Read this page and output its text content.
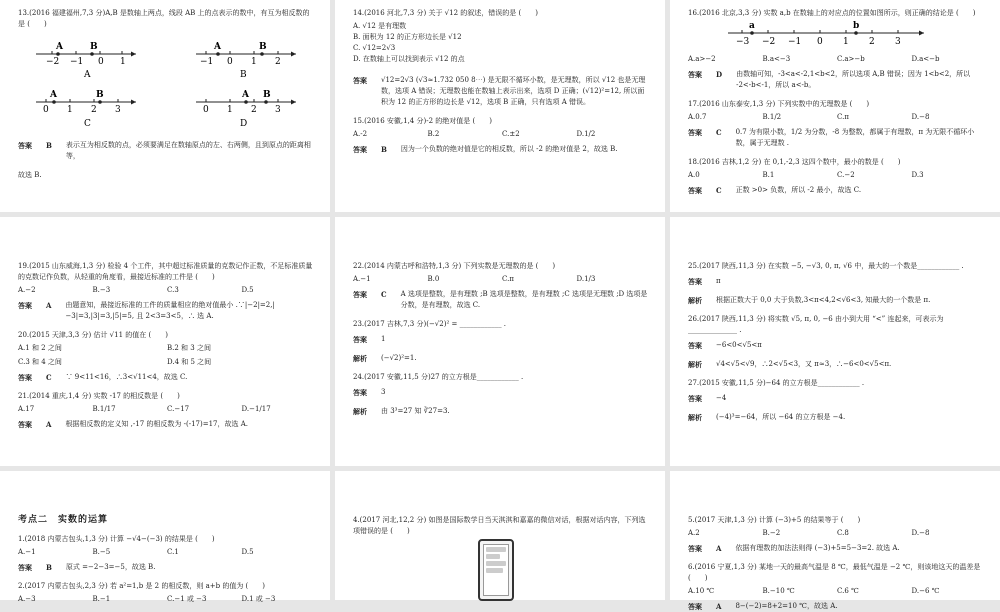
13.(2016 福建福州,7,3 分)A,B 是数轴上两点，线段 AB 上的点表示的数中，有互为相反数的是 (　　)
A	B
−2 −1 0 1
A
A	B
−1 0 1 2
B
A	B
0 1 2 3
C
A B
0 1 2 3
D
答案 B 表示互为相反数的点，必须要满足在数轴原点的左、右两侧，且到原点的距离相等，
故选 B.
14.(2016 河北,7,3 分) 关于 √12 的叙述，错误的是 (　　)
A. √12 是有理数
B. 面积为 12 的正方形边长是 √12
C. √12=2√3
D. 在数轴上可以找到表示 √12 的点
答案 √12=2√3 (√3≈1.732 050 8⋯) 是无限不循环小数，是无理数，所以 √12 也是无理数，选项 A 错误；无理数也能在数轴上表示出来，选项 D 正确；(√12)²=12, 所以面积为 12 的正方形的边长是 √12，选项 B 正确，只有选项 A 错误。
15.(2016 安徽,1,4 分)-2 的绝对值是 (　　)
A.-2	B.2	C.±2	D.1/2
答案 B 因为一个负数的绝对值是它的相反数，所以 -2 的绝对值是 2，故选 B.
16.(2016 北京,3,3 分) 实数 a,b 在数轴上的对应点的位置如图所示，则正确的结论是 (　　)
a	b
−3 −2 −1 0 1 2 3
A.a>−2	B.a<−3	C.a>−b	D.a<−b
答案 D 由数轴可知，-3<a<-2,1<b<2，所以选项 A,B 错误；因为 1<b<2，所以 -2<-b<-1，所以 a<-b。
17.(2016 山东泰安,1,3 分) 下列实数中的无理数是 (　　)
A.0.7	B.1/2	C.π	D.−8
答案 C 0.7 为有限小数，1/2 为分数，-8 为整数，都属于有理数，π 为无限不循环小数，属于无理数 .
18.(2016 吉林,1,2 分) 在 0,1,-2,3 这四个数中，最小的数是 (　　)
A.0	B.1	C.−2	D.3
答案 C 正数 >0> 负数，所以 -2 最小，故选 C.
19.(2015 山东威海,1,3 分) 检验 4 个工件，其中超过标准质量的克数记作正数，不足标准质量的克数记作负数，从轻重的角度看，最接近标准的工件是 (　　)
A.−2	B.−3	C.3	D.5
答案 A 由题意知，最接近标准的工件的质量相应的绝对值最小 .∵|−2|=2,|−3|=3,|3|=3,|5|=5, 且 2<3=3<5，∴ 选 A.
20.(2015 天津,3,3 分) 估计 √11 的值在 (　　)
A.1 和 2 之间	B.2 和 3 之间
C.3 和 4 之间	D.4 和 5 之间
答案 C ∵ 9<11<16，∴3<√11<4，故选 C.
21.(2014 重庆,1,4 分) 实数 -17 的相反数是 (　　)
A.17	B.1/17	C.−17	D.−1/17
答案 A 根据相反数的定义知 ,-17 的相反数为 -(-17)=17，故选 A.
22.(2014 内蒙古呼和浩特,1,3 分) 下列实数是无理数的是 (　　)
A.−1	B.0	C.π	D.1/3
答案 C A 选项是整数，是有理数 ;B 选项是整数，是有理数 ;C 选项是无理数 ;D 选项是分数，是有理数，故选 C.
23.(2017 吉林,7,3 分)(−√2)² = ____________ .
答案 1
解析 (−√2)²=1.
24.(2017 安徽,11,5 分)27 的立方根是____________ .
答案 3
解析 由 3³=27 知 ∛27=3.
25.(2017 陕西,11,3 分) 在实数 −5, −√3, 0, π, √6 中，最大的一个数是____________ .
答案 π
解析 根据正数大于 0,0 大于负数,3<π<4,2<√6<3, 知最大的一个数是 π.
26.(2017 陕西,11,3 分) 将实数 √5, π, 0, −6 由小到大用 “<” 连起来，可表示为______________ .
答案 −6<0<√5<π
解析 √4<√5<√9，∴2<√5<3，又 π≈3，∴−6<0<√5<π.
27.(2015 安徽,11,5 分)−64 的立方根是____________ .
答案 −4
解析 (−4)³=−64，所以 −64 的立方根是 −4.
考点二　实数的运算
1.(2018 内蒙古包头,1,3 分) 计算 −√4−(−3) 的结果是 (　　)
A.−1	B.−5	C.1	D.5
答案 B 原式 =−2−3=−5，故选 B.
2.(2017 内蒙古包头,2,3 分) 若 a²=1,b 是 2 的相反数，则 a+b 的值为 (　　)
A.−3	B.−1	C.−1 或 −3	D.1 或 −3
4.(2017 河北,12,2 分) 如图是国际数学日当天淇淇和嘉嘉的微信对话，根据对话内容，下列选项错误的是 (　　)
5.(2017 天津,1,3 分) 计算 (−3)+5 的结果等于 (　　)
A.2	B.−2	C.8	D.−8
答案 A 依据有理数的加法法则得 (−3)+5=5−3=2. 故选 A.
6.(2016 宁夏,1,3 分) 某地一天的最高气温是 8 ℃，最低气温是 −2 ℃，则该地这天的温差是 (　　)
A.10 ℃	B.−10 ℃	C.6 ℃	D.−6 ℃
答案 A 8−(−2)=8+2=10 ℃，故选 A.
